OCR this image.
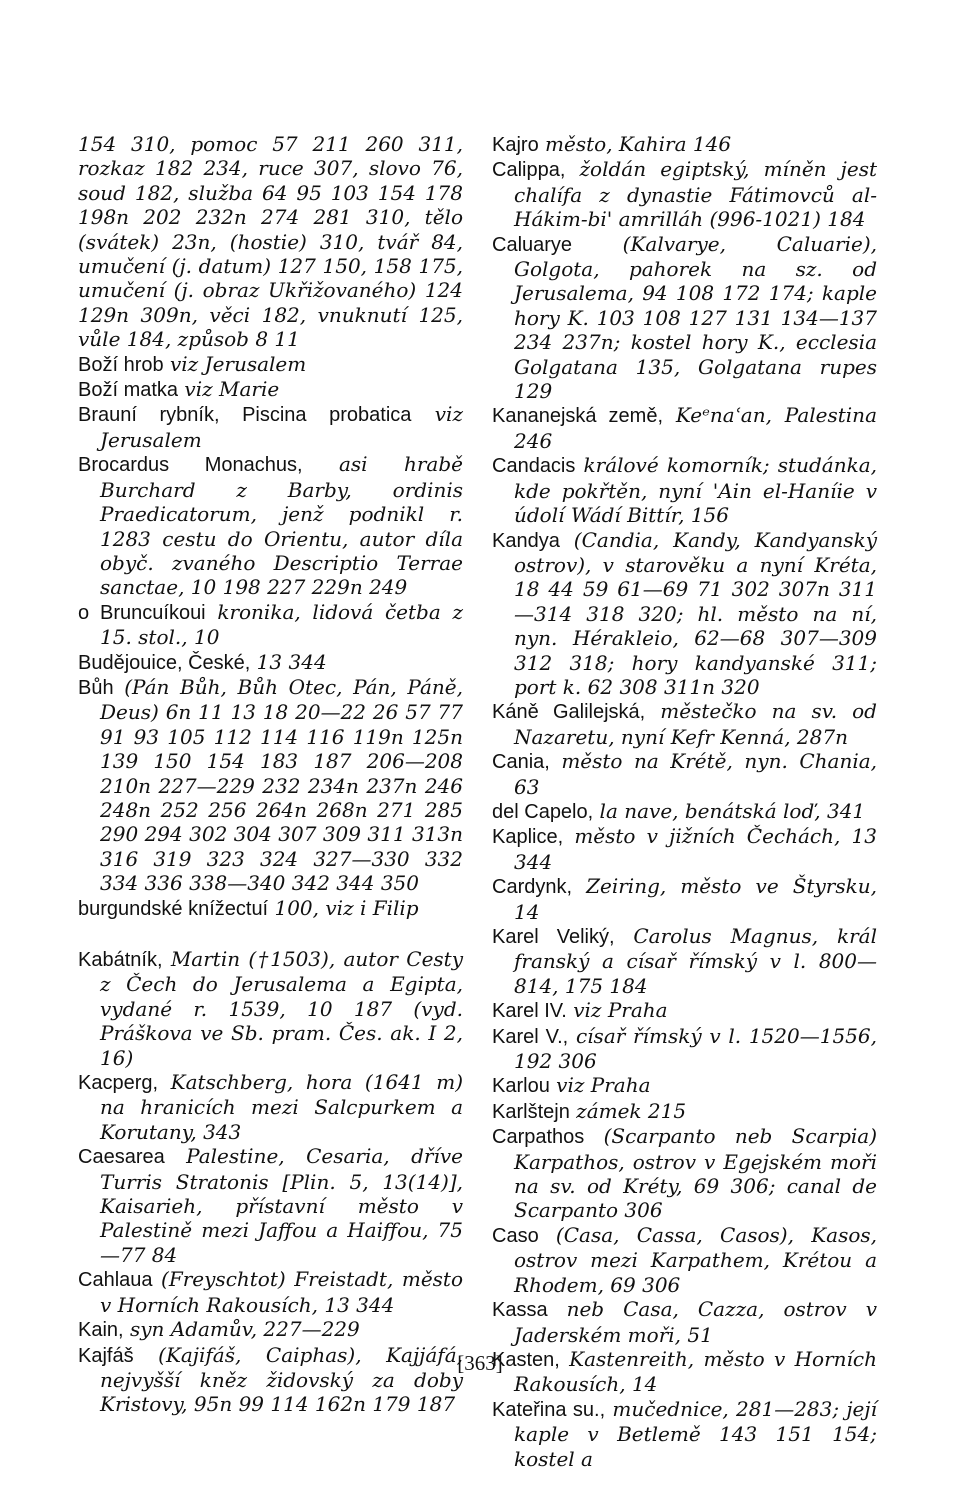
154 310, pomoc 57 211 260 311, rozkaz 182 234, ruce 307, slovo 76, soud 182, služba 64 95 103 154 178 198n 202 232n 274 281 310, tělo (svátek) 23n, (hostie) 310, tvář 84, umučení (j. datum) 127 150, 158 175, umučení (j. obraz Ukřižovaného) 124 129n 309n, věci 182, vnuknutí 125, vůle 184, způsob 8 11
Boží hrob viz Jerusalem
Boží matka viz Marie
Brauní rybník, Piscina probatica viz Jerusalem
Brocardus Monachus, asi hrabě Burchard z Barby, ordinis Praedicatorum, jenž podnikl r. 1283 cestu do Orientu, autor díla obyč. zvaného Descriptio Terrae sanctae, 10 198 227 229n 249
o Bruncuíkoui kronika, lidová četba z 15. stol., 10
Budějouice, České, 13 344
Bůh (Pán Bůh, Bůh Otec, Pán, Páně, Deus) 6n 11 13 18 20—22 26 57 77 91 93 105 112 114 116 119n 125n 139 150 154 183 187 206—208 210n 227—229 232 234n 237n 246 248n 252 256 264n 268n 271 285 290 294 302 304 307 309 311 313n 316 319 323 324 327—330 332 334 336 338—340 342 344 350
burgundské knížectuí 100, viz i Filip
Kabátník, Martin (†1503), autor Cesty z Čech do Jerusalema a Egipta, vydané r. 1539, 10 187 (vyd. Práškova ve Sb. pram. Čes. ak. I 2, 16)
Kacperg, Katschberg, hora (1641 m) na hranicích mezi Salcpurkem a Korutany, 343
Caesarea Palestine, Cesaria, dříve Turris Stratonis [Plin. 5, 13(14)], Kaisarieh, přístavní město v Palestině mezi Jaffou a Haiffou, 75—77 84
Cahlaua (Freyschtot) Freistadt, město v Horních Rakousích, 13 344
Kain, syn Adamův, 227—229
Kajfáš (Kajifáš, Caiphas), Kajjáfá, nejvyšší kněz židovský za doby Kristovy, 95n 99 114 162n 179 187
Kajro město, Kahira 146
Calippa, žoldán egiptský, míněn jest chalífa z dynastie Fátimovců al-Hákim-bi' amrilláh (996-1021) 184
Caluarye (Kalvarye, Caluarie), Golgota, pahorek na sz. od Jerusalema, 94 108 172 174; kaple hory K. 103 108 127 131 134—137 234 237n; kostel hory K., ecclesia Golgatana 135, Golgatana rupes 129
Kananejská země, Keᵉnaʿan, Palestina 246
Candacis králové komorník; studánka, kde pokřtěn, nyní 'Ain el-Haníie v údolí Wádí Bittír, 156
Kandya (Candia, Kandy, Kandyanský ostrov), v starověku a nyní Kréta, 18 44 59 61—69 71 302 307n 311—314 318 320; hl. město na ní, nyn. Hérakleio, 62—68 307—309 312 318; hory kandyanské 311; port k. 62 308 311n 320
Káně Galilejská, městečko na sv. od Nazaretu, nyní Kefr Kenná, 287n
Cania, město na Krétě, nyn. Chania, 63
del Capelo, la nave, benátská loď, 341
Kaplice, město v jižních Čechách, 13 344
Cardynk, Zeiring, město ve Štyrsku, 14
Karel Veliký, Carolus Magnus, král franský a císař římský v l. 800—814, 175 184
Karel IV. viz Praha
Karel V., císař římský v l. 1520—1556, 192 306
Karlou viz Praha
Karlštejn zámek 215
Carpathos (Scarpanto neb Scarpia) Karpathos, ostrov v Egejském moři na sv. od Kréty, 69 306; canal de Scarpanto 306
Caso (Casa, Cassa, Casos), Kasos, ostrov mezi Karpathem, Krétou a Rhodem, 69 306
Kassa neb Casa, Cazza, ostrov v Jaderském moři, 51
Kasten, Kastenreith, město v Horních Rakousích, 14
Kateřina su., mučednice, 281—283; její kaple v Betlemě 143 151 154; kostel a
[363]
